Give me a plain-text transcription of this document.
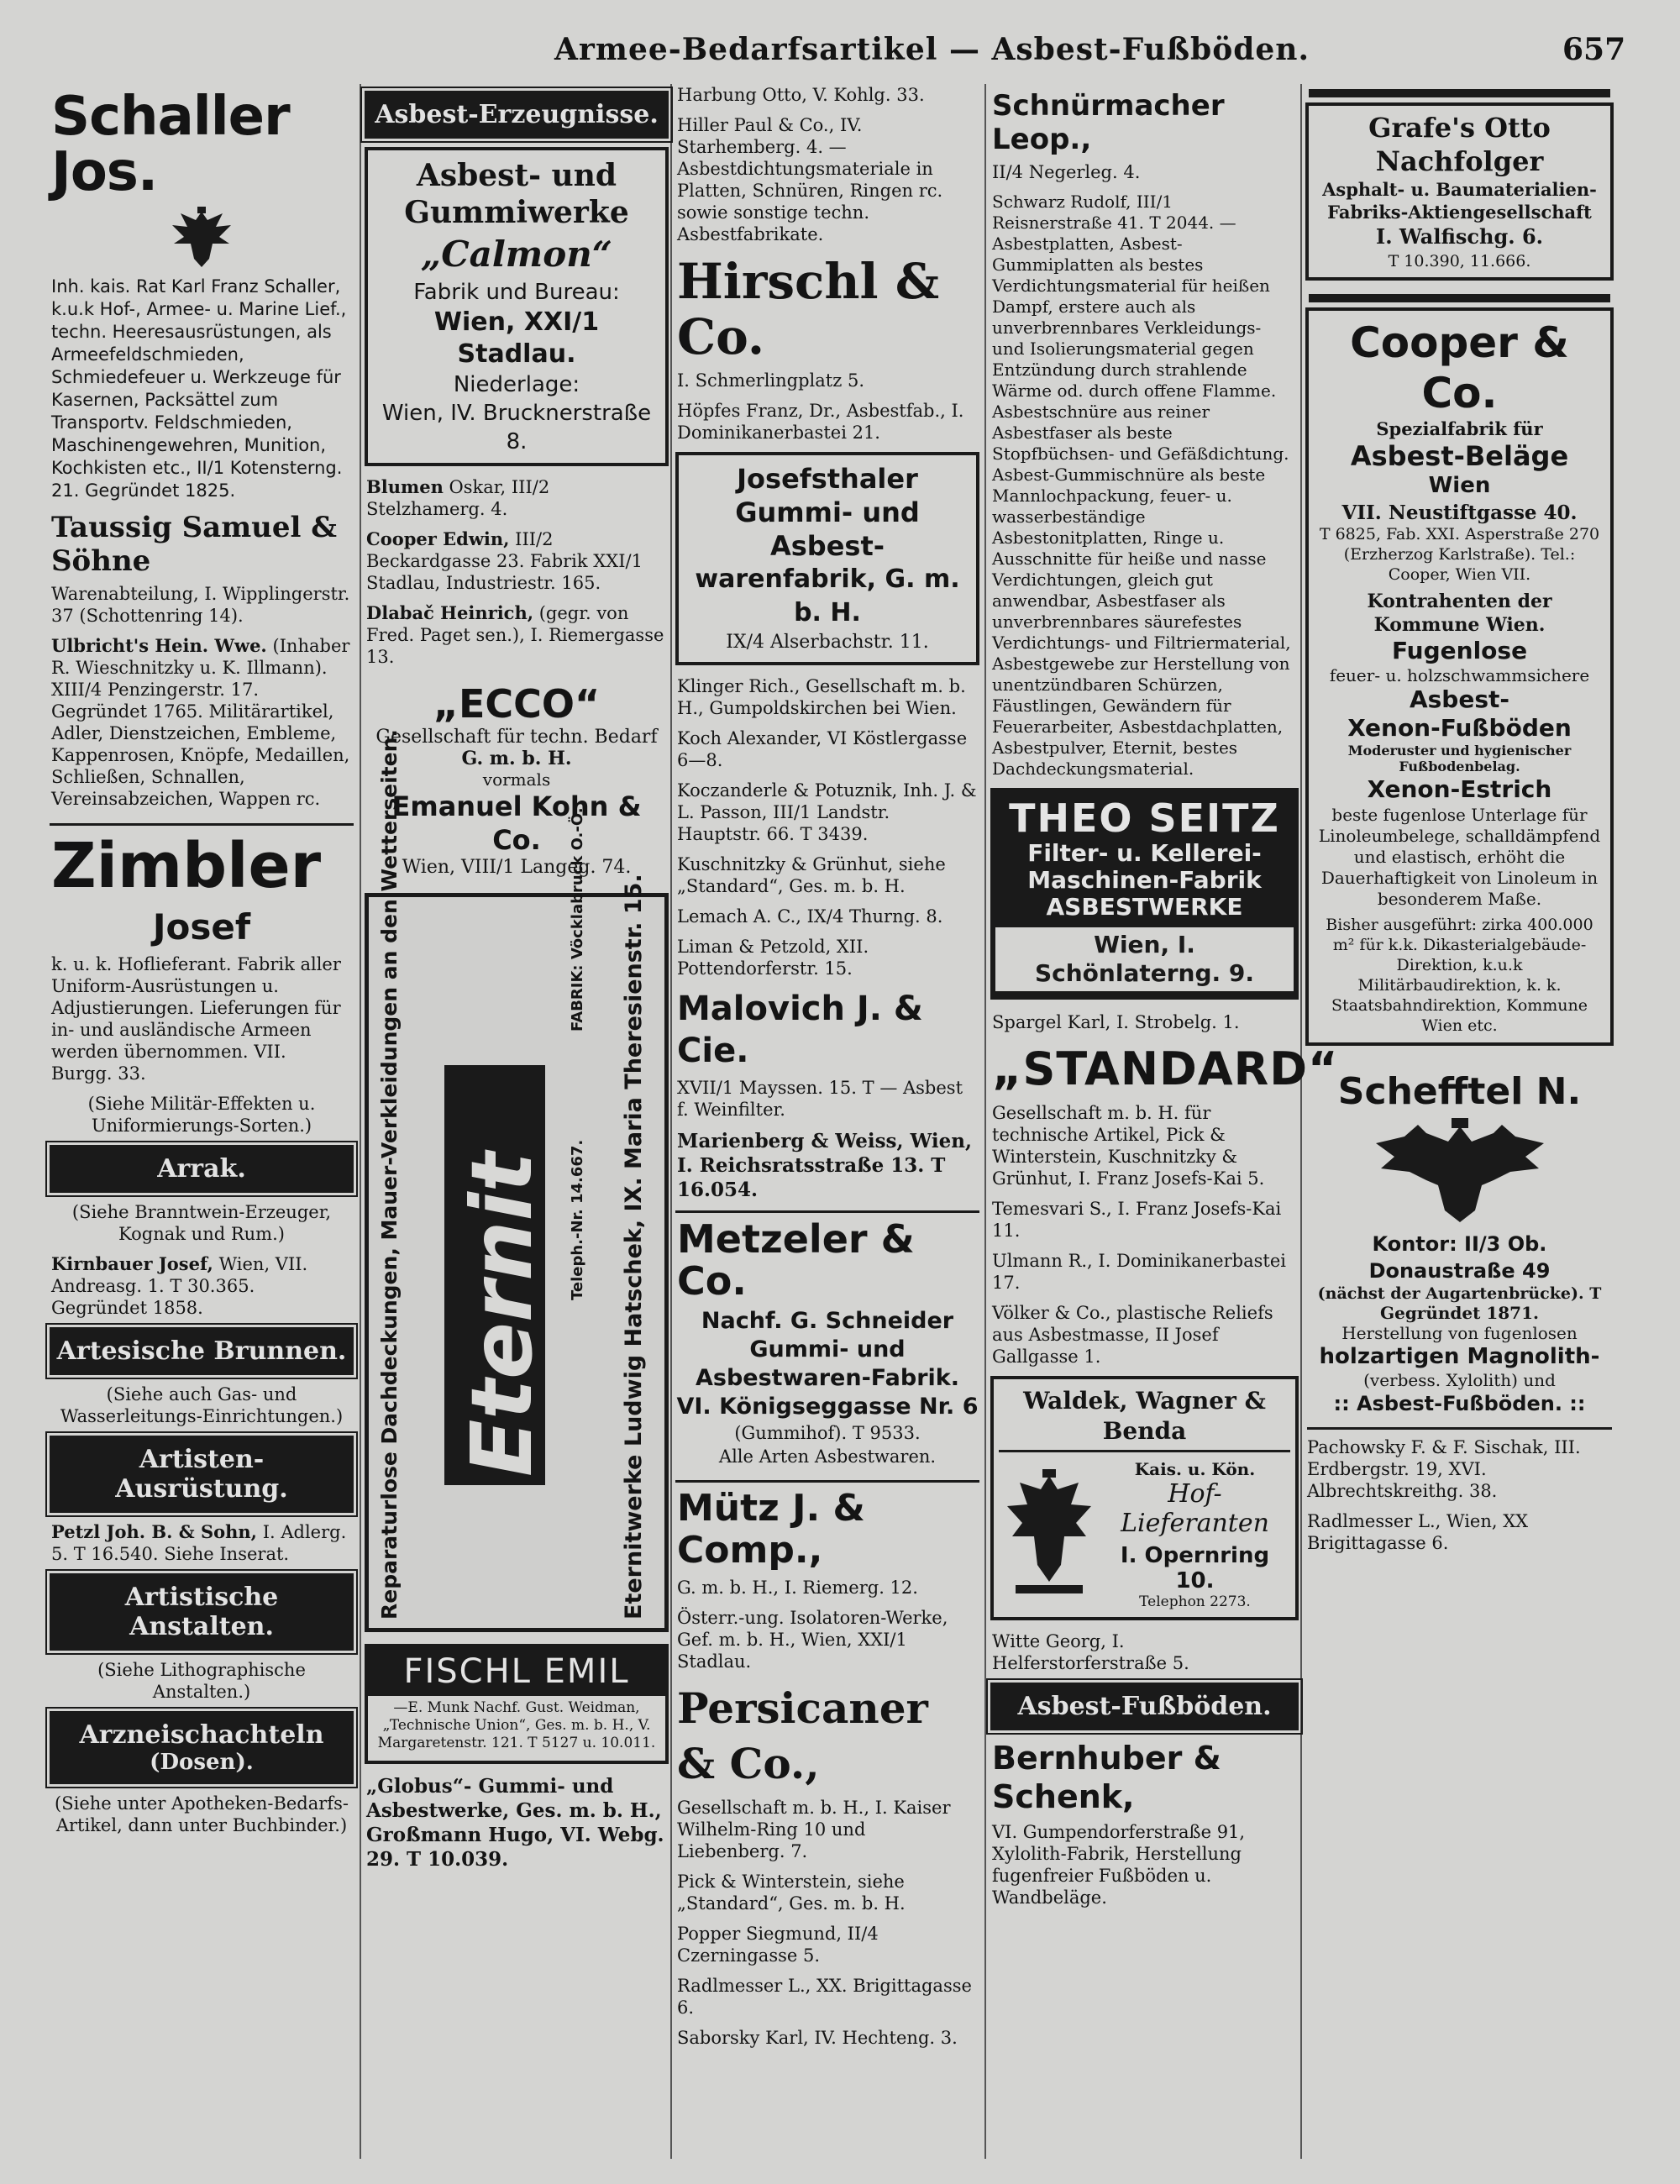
Armee-Bedarfsartikel — Asbest-Fußböden.	657
Schaller Jos.

Inh. kais. Rat Karl Franz Schaller, k.u.k Hof-, Armee- u. Marine Lief., techn. Heeresausrüstungen, als Armeefeldschmieden, Schmiedefeuer u. Werkzeuge für Kasernen, Packsättel zum Transportv. Feldschmieden, Maschinengewehren, Munition, Kochkisten etc., II/1 Kotensterng. 21. Gegründet 1825.

Taussig Samuel & Söhne

Warenabteilung, I. Wipplingerstr. 37 (Schottenring 14).

Ulbricht's Hein. Wwe. (Inhaber R. Wieschnitzky u. K. Illmann). XIII/4 Penzingerstr. 17. Gegründet 1765. Militärartikel, Adler, Dienstzeichen, Embleme, Kappenrosen, Knöpfe, Medaillen, Schließen, Schnallen, Vereinsabzeichen, Wappen rc.

Zimbler
Josef

k. u. k. Hoflieferant. Fabrik aller Uniform-Ausrüstungen u. Adjustierungen. Lieferungen für in- und ausländische Armeen werden übernommen. VII. Burgg. 33.

(Siehe Militär-Effekten u. Uniformierungs-Sorten.)

Arrak.

(Siehe Branntwein-Erzeuger, Kognak und Rum.)

Kirnbauer Josef, Wien, VII. Andreasg. 1. T 30.365. Gegründet 1858.

Artesische Brunnen.

(Siehe auch Gas- und Wasserleitungs-Einrichtungen.)

Artisten-Ausrüstung.

Petzl Joh. B. & Sohn, I. Adlerg. 5. T 16.540. Siehe Inserat.

Artistische Anstalten.

(Siehe Lithographische Anstalten.)

Arzneischachteln
(Dosen).

(Siehe unter Apotheken-Bedarfs-Artikel, dann unter Buchbinder.)

Asbest-Erzeugnisse.
Asbest- und Gummiwerke
„Calmon“
Fabrik und Bureau:
Wien, XXI/1 Stadlau.
Niederlage:
Wien, IV. Brucknerstraße 8.

Blumen Oskar, III/2 Stelzhamerg. 4.

Cooper Edwin, III/2 Beckardgasse 23. Fabrik XXI/1 Stadlau, Industriestr. 165.

Dlabač Heinrich, (gegr. von Fred. Paget sen.), I. Riemergasse 13.

„ECCO“
Gesellschaft für techn. Bedarf
G. m. b. H.
vormals
Emanuel Kohn & Co.
Wien, VIII/1 Langeg. 74.
Reparaturlose Dachdeckungen, Mauer-Verkleidungen an den Wetterseiten. Eternit Teleph.-Nr. 14.667.
FABRIK: Vöcklabruck O.-Ö. Eternitwerke Ludwig Hatschek, IX. Maria Theresienstr. 15.
FISCHL EMIL
—E. Munk Nachf. Gust. Weidman, „Technische Union“, Ges. m. b. H., V. Margaretenstr. 121. T 5127 u. 10.011.

„Globus“- Gummi- und Asbestwerke, Ges. m. b. H., Großmann Hugo, VI. Webg. 29. T 10.039.

Harbung Otto, V. Kohlg. 33.

Hiller Paul & Co., IV. Starhemberg. 4. — Asbestdichtungsmateriale in Platten, Schnüren, Ringen rc. sowie sonstige techn. Asbestfabrikate.

Hirschl & Co.

I. Schmerlingplatz 5.

Höpfes Franz, Dr., Asbestfab., I. Dominikanerbastei 21.

Josefsthaler
Gummi- und Asbest-
warenfabrik, G. m. b. H.
IX/4 Alserbachstr. 11.

Klinger Rich., Gesellschaft m. b. H., Gumpoldskirchen bei Wien.

Koch Alexander, VI Köstlergasse 6—8.

Koczanderle & Potuznik, Inh. J. & L. Passon, III/1 Landstr. Hauptstr. 66. T 3439.

Kuschnitzky & Grünhut, siehe „Standard“, Ges. m. b. H.

Lemach A. C., IX/4 Thurng. 8.

Liman & Petzold, XII. Pottendorferstr. 15.

Malovich J. & Cie.

XVII/1 Mayssen. 15. T — Asbest f. Weinfilter.

Marienberg & Weiss, Wien, I. Reichsratsstraße 13. T 16.054.

Metzeler & Co.
Nachf. G. Schneider
Gummi- und
Asbestwaren-Fabrik.
VI. Königseggasse Nr. 6
(Gummihof). T 9533.
Alle Arten Asbestwaren.
Mütz J. & Comp.,

G. m. b. H., I. Riemerg. 12.

Österr.-ung. Isolatoren-Werke, Gef. m. b. H., Wien, XXI/1 Stadlau.

Persicaner & Co.,

Gesellschaft m. b. H., I. Kaiser Wilhelm-Ring 10 und Liebenberg. 7.

Pick & Winterstein, siehe „Standard“, Ges. m. b. H.

Popper Siegmund, II/4 Czerningasse 5.

Radlmesser L., XX. Brigittagasse 6.

Saborsky Karl, IV. Hechteng. 3.

Schnürmacher Leop.,

II/4 Negerleg. 4.

Schwarz Rudolf, III/1 Reisnerstraße 41. T 2044. — Asbestplatten, Asbest-Gummiplatten als bestes Verdichtungsmaterial für heißen Dampf, erstere auch als unverbrennbares Verkleidungs- und Isolierungsmaterial gegen Entzündung durch strahlende Wärme od. durch offene Flamme. Asbestschnüre aus reiner Asbestfaser als beste Stopfbüchsen- und Gefäßdichtung. Asbest-Gummischnüre als beste Mannlochpackung, feuer- u. wasserbeständige Asbestonitplatten, Ringe u. Ausschnitte für heiße und nasse Verdichtungen, gleich gut anwendbar, Asbestfaser als unverbrennbares säurefestes Verdichtungs- und Filtriermaterial, Asbestgewebe zur Herstellung von unentzündbaren Schürzen, Fäustlingen, Gewändern für Feuerarbeiter, Asbestdachplatten, Asbestpulver, Eternit, bestes Dachdeckungsmaterial.

THEO SEITZ
Filter- u. Kellerei-
Maschinen-Fabrik
ASBESTWERKE
Wien, I. Schönlaterng. 9.

Spargel Karl, I. Strobelg. 1.

„STANDARD“

Gesellschaft m. b. H. für technische Artikel, Pick & Winterstein, Kuschnitzky & Grünhut, I. Franz Josefs-Kai 5.

Temesvari S., I. Franz Josefs-Kai 11.

Ulmann R., I. Dominikanerbastei 17.

Völker & Co., plastische Reliefs aus Asbestmasse, II Josef Gallgasse 1.

Waldek, Wagner & Benda
Kais. u. Kön.
Hof-
Lieferanten
I. Opernring 10.
Telephon 2273.

Witte Georg, I. Helferstorferstraße 5.

Asbest-Fußböden.
Bernhuber & Schenk,

VI. Gumpendorferstraße 91, Xylolith-Fabrik, Herstellung fugenfreier Fußböden u. Wandbeläge.

Grafe's Otto Nachfolger
Asphalt- u. Baumaterialien-Fabriks-Aktiengesellschaft
I. Walfischg. 6.
T 10.390, 11.666.
Cooper & Co.
Spezialfabrik für
Asbest-Beläge
Wien
VII. Neustiftgasse 40.
T 6825, Fab. XXI. Asperstraße 270 (Erzherzog Karlstraße). Tel.: Cooper, Wien VII.
Kontrahenten der Kommune Wien.
Fugenlose
feuer- u. holzschwammsichere
Asbest-
Xenon-Fußböden
Moderuster und hygienischer Fußbodenbelag.
Xenon-Estrich
beste fugenlose Unterlage für Linoleumbelege, schalldämpfend und elastisch, erhöht die Dauerhaftigkeit von Linoleum in besonderem Maße.
Bisher ausgeführt: zirka 400.000 m² für k.k. Dikasterialgebäude-Direktion, k.u.k Militärbaudirektion, k. k. Staatsbahndirektion, Kommune Wien etc.
Schefftel N.
Kontor: II/3 Ob. Donaustraße 49
(nächst der Augartenbrücke). T
Gegründet 1871.
Herstellung von fugenlosen
holzartigen Magnolith-
(verbess. Xylolith) und
:: Asbest-Fußböden. ::

Pachowsky F. & F. Sischak, III. Erdbergstr. 19, XVI. Albrechtskreithg. 38.

Radlmesser L., Wien, XX Brigittagasse 6.
